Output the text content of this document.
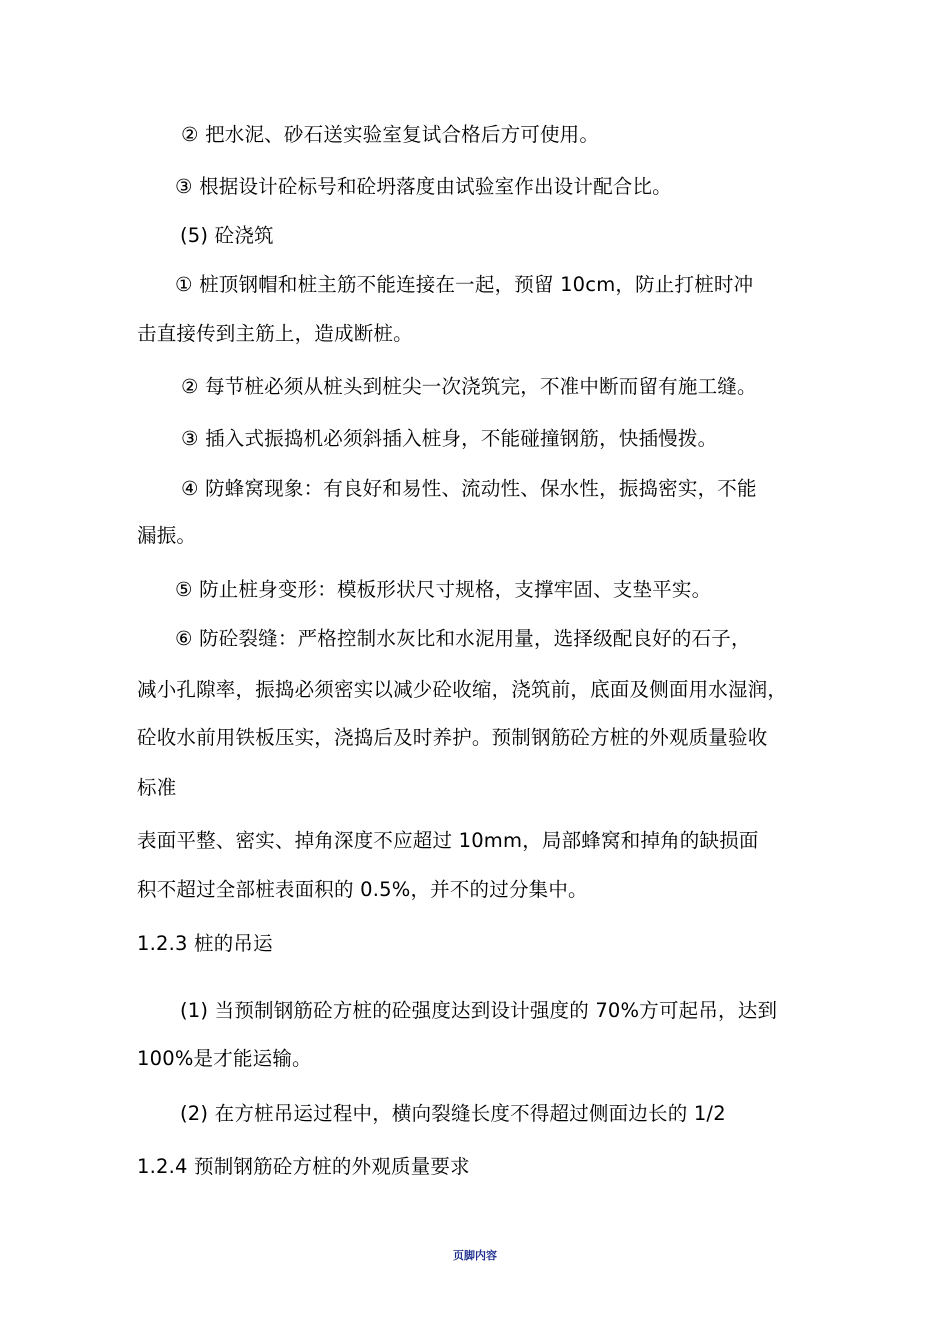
② 把水泥、砂石送实验室复试合格后方可使用。
③ 根据设计砼标号和砼坍落度由试验室作出设计配合比。
(5) 砼浇筑
① 桩顶钢帽和桩主筋不能连接在一起，预留 10cm，防止打桩时冲
击直接传到主筋上，造成断桩。
② 每节桩必须从桩头到桩尖一次浇筑完，不准中断而留有施工缝。
③ 插入式振捣机必须斜插入桩身，不能碰撞钢筋，快插慢拨。
④ 防蜂窝现象：有良好和易性、流动性、保水性，振捣密实，不能
漏振。
⑤ 防止桩身变形：模板形状尺寸规格，支撑牢固、支垫平实。
⑥ 防砼裂缝：严格控制水灰比和水泥用量，选择级配良好的石子，
减小孔隙率，振捣必须密实以减少砼收缩，浇筑前，底面及侧面用水湿润，
砼收水前用铁板压实，浇捣后及时养护。预制钢筋砼方桩的外观质量验收
标准
表面平整、密实、掉角深度不应超过 10mm，局部蜂窝和掉角的缺损面
积不超过全部桩表面积的 0.5%，并不的过分集中。
1.2.3 桩的吊运
(1) 当预制钢筋砼方桩的砼强度达到设计强度的 70%方可起吊，达到
100%是才能运输。
(2) 在方桩吊运过程中，横向裂缝长度不得超过侧面边长的 1/2
1.2.4 预制钢筋砼方桩的外观质量要求
页脚内容
